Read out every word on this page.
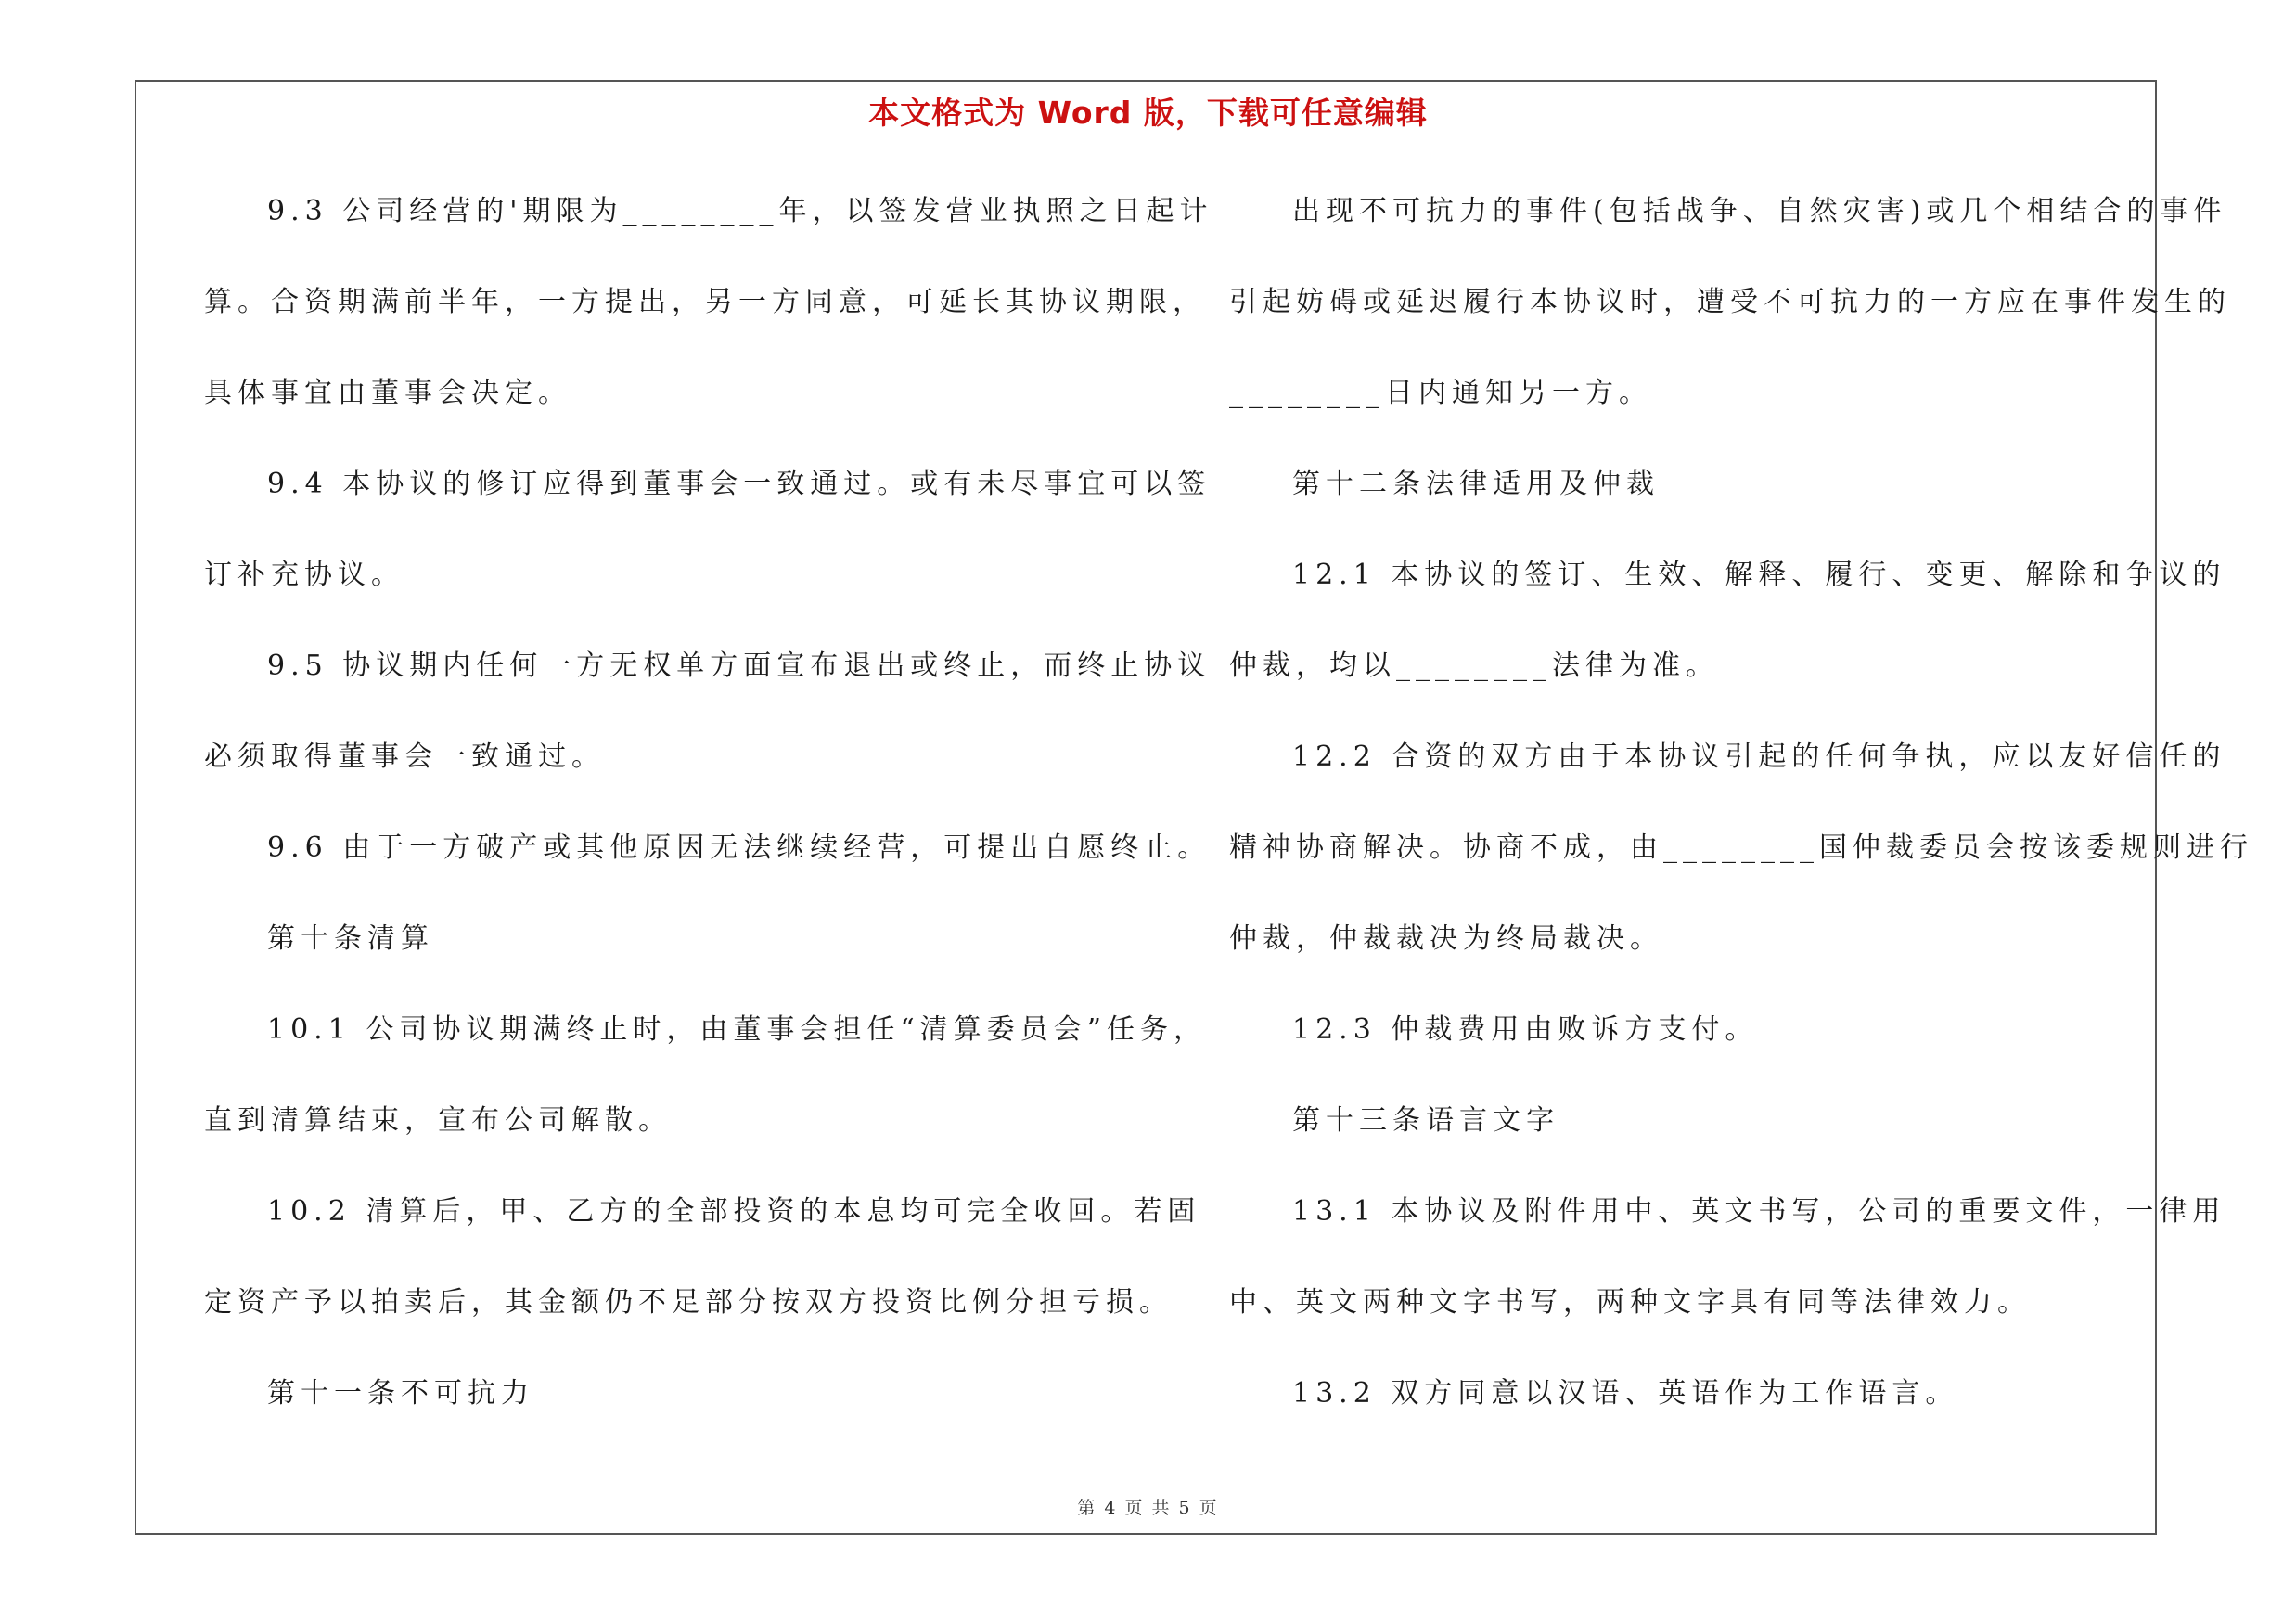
本文格式为 Word 版，下载可任意编辑
9.3 公司经营的'期限为________年，以签发营业执照之日起计
算。合资期满前半年，一方提出，另一方同意，可延长其协议期限，
具体事宜由董事会决定。
9.4 本协议的修订应得到董事会一致通过。或有未尽事宜可以签
订补充协议。
9.5 协议期内任何一方无权单方面宣布退出或终止，而终止协议
必须取得董事会一致通过。
9.6 由于一方破产或其他原因无法继续经营，可提出自愿终止。
第十条清算
10.1 公司协议期满终止时，由董事会担任“清算委员会”任务，
直到清算结束，宣布公司解散。
10.2 清算后，甲、乙方的全部投资的本息均可完全收回。若固
定资产予以拍卖后，其金额仍不足部分按双方投资比例分担亏损。
第十一条不可抗力
出现不可抗力的事件(包括战争、自然灾害)或几个相结合的事件
引起妨碍或延迟履行本协议时，遭受不可抗力的一方应在事件发生的
________日内通知另一方。
第十二条法律适用及仲裁
12.1 本协议的签订、生效、解释、履行、变更、解除和争议的
仲裁，均以________法律为准。
12.2 合资的双方由于本协议引起的任何争执，应以友好信任的
精神协商解决。协商不成，由________国仲裁委员会按该委规则进行
仲裁，仲裁裁决为终局裁决。
12.3 仲裁费用由败诉方支付。
第十三条语言文字
13.1 本协议及附件用中、英文书写，公司的重要文件，一律用
中、英文两种文字书写，两种文字具有同等法律效力。
13.2 双方同意以汉语、英语作为工作语言。
第 4 页 共 5 页
